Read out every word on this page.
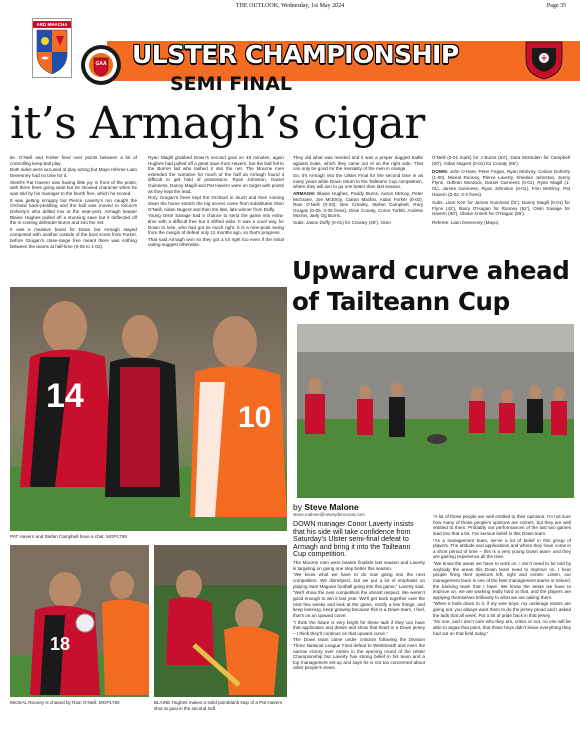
THE OUTLOOK, Wednesday, 1st May 2024	Page 35
ARD MHACHA
GAA	ULSTER CHAMPIONSHIP
SEMI FINAL
it’s Armagh’s cigar

tie. O’Neill and Forker fired over points between a bit of controlling keep-ball play.

Both sides were accused of play acting but Mayo referee Liam Devenney had no time for it.

Steeli’s Pat Havern was having little joy in front of the posts, with three frees going wide but he showed character when he was told by his manager to the fourth free, which he scored.

It was getting scrappy but Pierce Laverty’s run caught the Orchard back-peddling and the ball was moved to Kilcoo’s Doherty’s who drilled low at the near-post. Armagh keeper Blaine Hughes pulled off a stunning save but it deflected off the in-coming defender Burns and into the net.

It was a massive boost for Down but Armagh stayed composed with another outside of the boot score from Forker, before Grugan’s close-range free meant there was nothing between the teams at half-time (0-05 to 1-02).

Ryan Magill grabbed Down’s second goal on 48 minutes, again Hughes had pulled off a great save from Havern, but the ball fell to the Burren lad who lashed it into the net. The Mourne men extended the narrative for much of the half as Armagh found it difficult to get hold of possession. Ryan Johnston, Daniel Guinness, Danny Magill and Pat Havern were on target with points as they kept the lead.

Rory Grugan’s frees kept the Orchard in touch and then coming down the home stretch the big scores came from substitutes Oisin O’Neill, Aidan Nugent and then the late, late winner from Duffy.

Young Oisin Savage had a chance to send the game into extra-time with a difficult free but it drifted wide. It was a cruel way for Down to lose, who had got so much right. It is a nine-point swing from the margin of defeat only 12 months ago, so that’s progress.

That said Armagh won so they got a lot right too even if the initial outing suggest otherwise.

They did what was needed and it was a proper dogged battle against rivals, which they came out of on the right side. That can only be good for the mentality of the men in orange.

So, it’s Armagh into the Ulster Final for the second time in as many years while Down return to the Tailteann Cup competition, where they will aim to go one better than last season.

ARMAGH: Blaine Hughes, Paddy Burns, Aaron McKay, Peter McGrane, Joe McElroy, Ciaran Mackin, Aidan Forker (0-02), Rian O’Neill (0-03), Ben Crealey, Stefan Campbell, Rory Grugan (0-05, 0-05 frees), Oisin Conaty, Conor Turbitt, Andrew Murnin, Jarly Og Burns.

Subs: Jason Duffy (0-01) for Crealey (49’), Oisin

O’Neill (0-01 mark) for J Burns (53’), Dara McMullen for Campbell (60’), Aidan Nugent (0-01) for Conaty (65’).

DOWN: John O’Hare, Peter Fegan, Ryan McEvoy, Ceilum Doherty (1-00), Miceal Rooney, Pierce Laverty, Sheelan Johnston, Jonny Flynn, Odhran Murdock, Daniel Guinness (0-01), Ryan Magill (1-01), James Guinness, Ryan Johnston (0-01), Finn McElroy, Pat Havern (0-02, 0-2 frees).

Subs: Liam Kerr for James Guinness (ht’), Danny Magill (0-01) for Flynn (42’), Barry O’Hagan for Rooney (52’), Oisin Savage for Havern (60’), Shane Annett for O’Hagan (65’).

Referee: Liam Devenney (Mayo).

14
10
PAT Havern and Stefan Campbell have a chat. MGP1759
18
MICEAL Rooney is chased by Rian O’Neill. MGP1760	BLAINE Hughes makes a solid pointblank stop of a Pat Havern shot at goal in the second half.
Upward curve ahead
of Tailteann Cup
by Steve Malone
steve.malone@newrydemocrat.com
DOWN manager Conor Laverty insists that his side will take confidence from Saturday’s Ulster semi-final defeat to Armagh and bring it into the Tailteann Cup competition.

The Mourne men were beaten finalists last season and Laverty is targeting on going one step better this season.

“We know what we have to do now going into the next competition. We disrespect, but we put a lot of emphasis on playing Sam Maguire football going into this game,” Laverty said.

“We’ll show the next competition the utmost respect. We weren’t good enough to win it last year. We’ll get back together over the next few weeks and look at the game, rectify a few things, and keep learning, keep growing because this is a Down team, I feel, that’s on an upward curve.

“I think the future is very bright for these lads if they can have that application and desire and show that heart in a Down jersey – I think they’ll continue on that upward curve.”

The Down team came under criticism following the Division Three National League Final defeat to Westmeath and even the narrow victory over Antrim in the opening round of the Ulster Championship but Laverty has strong belief in his team and a top management set-up and says he is not too concerned about other people’s views.

“A lot of those people are well entitled to their opinions, I’m not sure how many of those people’s opinions are correct, but they are well entitled to them. Probably our performances of the last two games lead into that a bit. I’ve serious belief in this Down team.

“As a management team, we’ve a lot of belief in this group of players. The attitude and applications and where they have come in a short period of time – this is a very young Down team- and they are gaining experience all the time.

“We know the areas we have to work on, I don’t need to be told by anybody the areas this Down team need to improve on. I hear people firing their opinions left, right and centre. Listen, our management team is one of the best management teams in Ireland, the backing team that I have. We know the areas we have to improve on, we are working really hard at that, and the players are applying themselves brilliantly to what we are asking them.

“When it boils down to it, if my wee boys, my underage teams are going out, you always want them to do the jersey proud and I asked the lads that all week. Put a bit of pride back in that jersey.

“No one, and I don’t care who they are, critics or not, no one will be able to argue that point, that those boys didn’t leave everything they had out on that field today.”
